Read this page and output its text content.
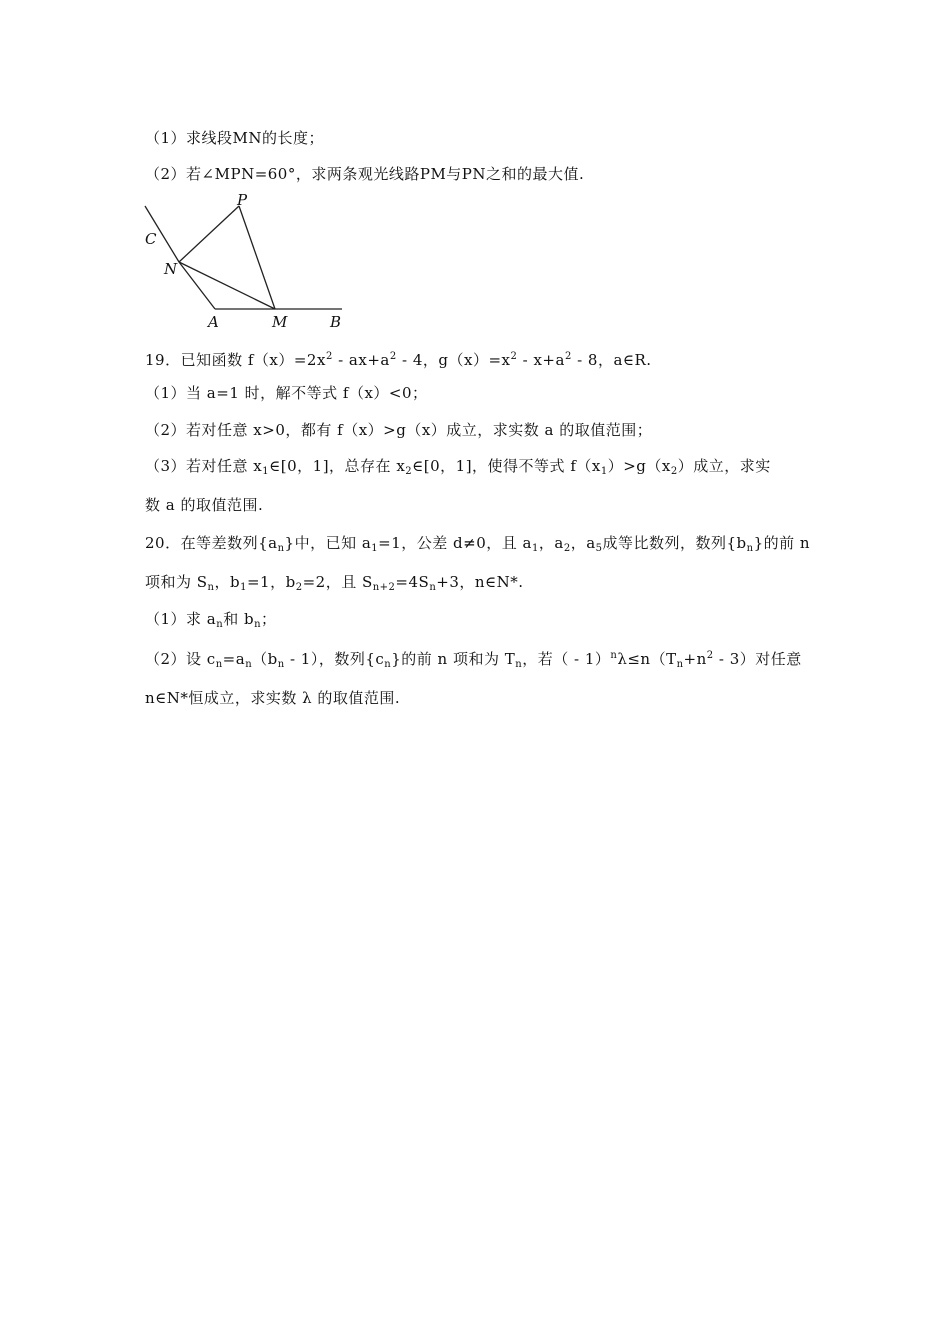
（1）求线段MN的长度；
（2）若∠MPN=60°，求两条观光线路PM与PN之和的最大值.
P
C
N
A	M	B
19．已知函数 $f(x)=2x^2 - ax+a^2 - 4$，$g(x)=x^2 - x+a^2 - 8$，a∈R.
（1）当 a=1 时，解不等式 f（x）<0；
（2）若对任意 x>0，都有 f（x）>g（x）成立，求实数 a 的取值范围；
（3）若对任意 $x_1\in[0$，1]，总存在 $x_2\in[0$，1]，使得不等式 $f(x_1)>g(x_2)$成立，求实
数 a 的取值范围.
20．在等差数列$\{a_n\}$中，已知 $a_1=1$，公差 d≠0，且 $a_1$，$a_2$，$a_5$成等比数列，数列$\{b_n\}$的前 n
项和为 $S_n$，$b_1=1$，$b_2=2$，且 $S_{n+2}=4S_n+3$，n∈N*.
（1）求 $a_n$和 $b_n$；
（2）设 $c_n=a_n(b_n - 1)$，数列$\{c_n\}$的前 n 项和为 $T_n$，若（ - $1)^n\lambda\le n(T_n+n^2 - 3)$对任意
n∈N*恒成立，求实数 λ 的取值范围.
